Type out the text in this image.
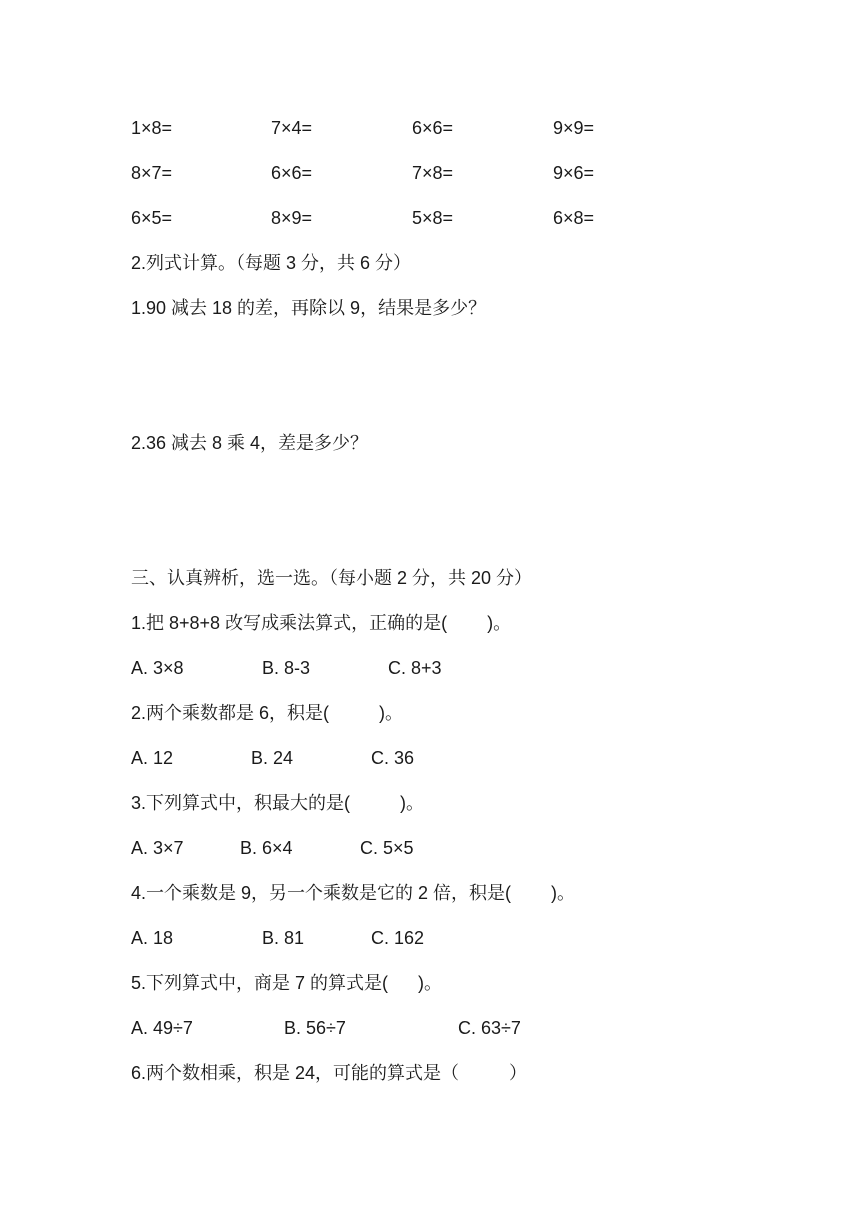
1×8=	7×4=	6×6=	9×9=
8×7=	6×6=	7×8=	9×6=
6×5=	8×9=	5×8=	6×8=
2.列式计算。（每题 3 分，共 6 分）
1.90 减去 18 的差，再除以 9，结果是多少？
2.36 减去 8 乘 4，差是多少？
三、认真辨析，选一选。（每小题 2 分，共 20 分）
1.把 8+8+8 改写成乘法算式，正确的是(        )。
A. 3×8	B. 8-3	C. 8+3
2.两个乘数都是 6，积是(          )。
A. 12	B. 24	C. 36
3.下列算式中，积最大的是(          )。
A. 3×7	B. 6×4	C. 5×5
4.一个乘数是 9，另一个乘数是它的 2 倍，积是(        )。
A. 18	B. 81	C. 162
5.下列算式中，商是 7 的算式是(      )。
A. 49÷7	B. 56÷7	C. 63÷7
6.两个数相乘，积是 24，可能的算式是（          ）
